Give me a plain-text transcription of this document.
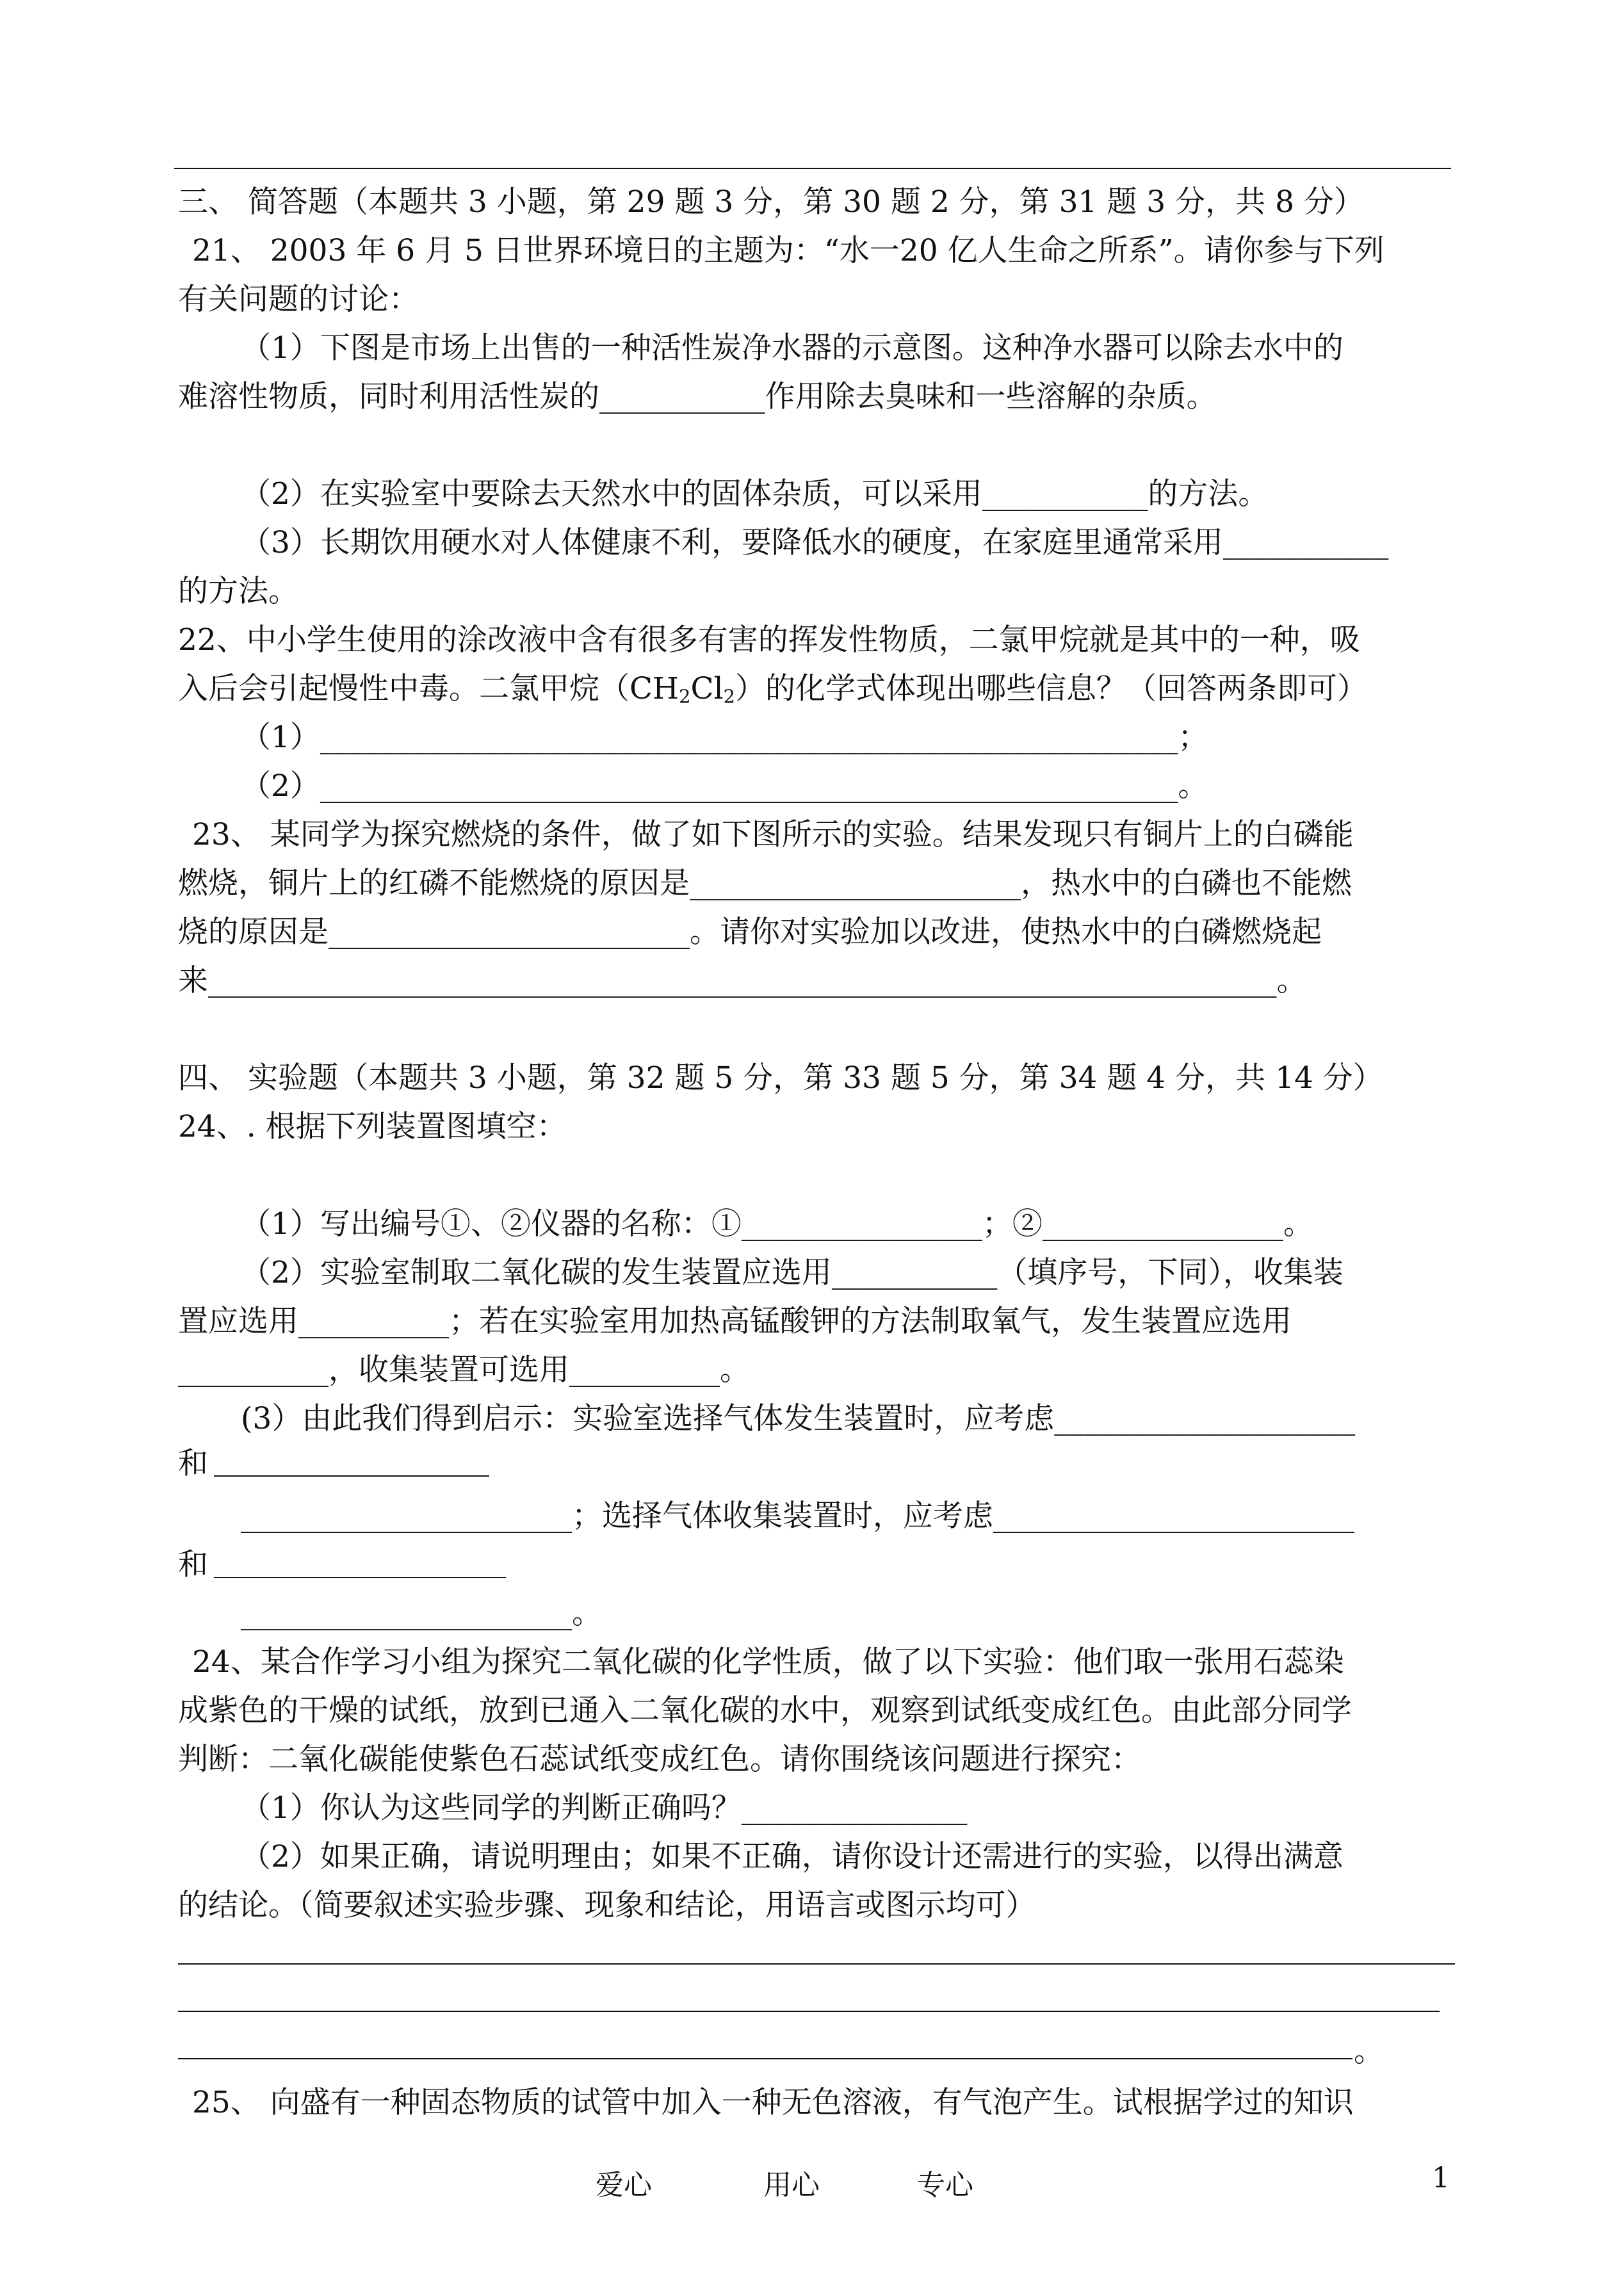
三、 简答题（本题共 3 小题，第 29 题 3 分，第 30 题 2 分，第 31 题 3 分，共 8 分）
21、 2003 年 6 月 5 日世界环境日的主题为：“水一20 亿人生命之所系”。请你参与下列
有关问题的讨论：
（1）下图是市场上出售的一种活性炭净水器的示意图。这种净水器可以除去水中的
难溶性物质，同时利用活性炭的___________作用除去臭味和一些溶解的杂质。
（2）在实验室中要除去天然水中的固体杂质，可以采用___________的方法。
（3）长期饮用硬水对人体健康不利，要降低水的硬度，在家庭里通常采用___________
的方法。
22、中小学生使用的涂改液中含有很多有害的挥发性物质，二氯甲烷就是其中的一种，吸
入后会引起慢性中毒。二氯甲烷$(CH_2Cl_2)$的化学式体现出哪些信息？（回答两条即可）
（1）_________________________________________________________；
（2）_________________________________________________________。
23、 某同学为探究燃烧的条件，做了如下图所示的实验。结果发现只有铜片上的白磷能
燃烧，铜片上的红磷不能燃烧的原因是______________________，热水中的白磷也不能燃
烧的原因是________________________。请你对实验加以改进，使热水中的白磷燃烧起
来_______________________________________________________________________。
四、 实验题（本题共 3 小题，第 32 题 5 分，第 33 题 5 分，第 34 题 4 分，共 14 分）
24、. 根据下列装置图填空：
（1）写出编号①、②仪器的名称：①________________；②________________。
（2）实验室制取二氧化碳的发生装置应选用___________（填序号，下同），收集装
置应选用__________；若在实验室用加热高锰酸钾的方法制取氧气，发生装置应选用
__________，收集装置可选用__________。
(3）由此我们得到启示：实验室选择气体发生装置时，应考虑____________________
和
______________________；选择气体收集装置时，应考虑________________________
和
______________________。
24、某合作学习小组为探究二氧化碳的化学性质，做了以下实验：他们取一张用石蕊染
成紫色的干燥的试纸，放到已通入二氧化碳的水中，观察到试纸变成红色。由此部分同学
判断：二氧化碳能使紫色石蕊试纸变成红色。请你围绕该问题进行探究：
（1）你认为这些同学的判断正确吗？_______________
（2）如果正确，请说明理由；如果不正确，请你设计还需进行的实验，以得出满意
的结论。（简要叙述实验步骤、现象和结论，用语言或图示均可）
。
25、 向盛有一种固态物质的试管中加入一种无色溶液，有气泡产生。试根据学过的知识
爱心	用心	专心	1
